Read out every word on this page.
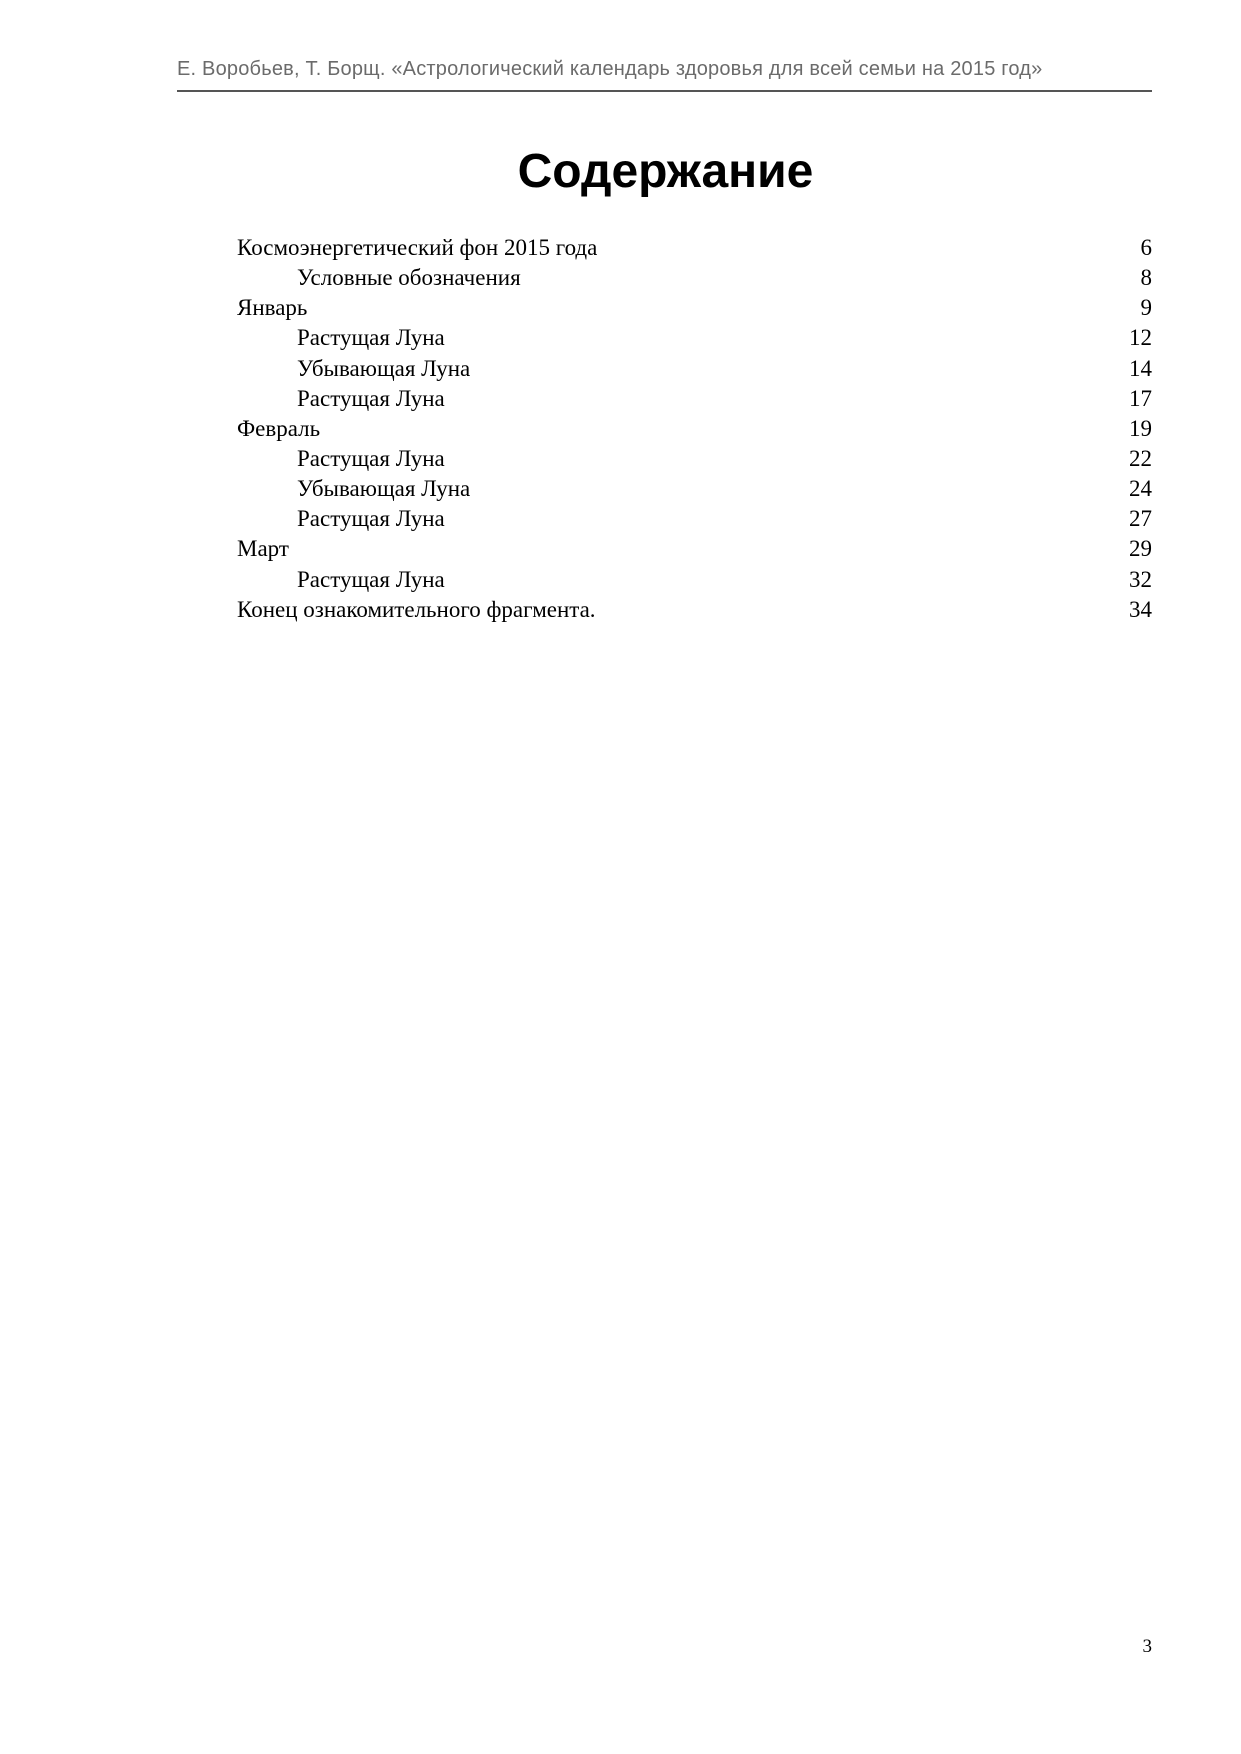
Е. Воробьев, Т. Борщ. «Астрологический календарь здоровья для всей семьи на 2015 год»
Содержание
Космоэнергетический фон 2015 года	6
Условные обозначения	8
Январь	9
Растущая Луна	12
Убывающая Луна	14
Растущая Луна	17
Февраль	19
Растущая Луна	22
Убывающая Луна	24
Растущая Луна	27
Март	29
Растущая Луна	32
Конец ознакомительного фрагмента.	34
3
